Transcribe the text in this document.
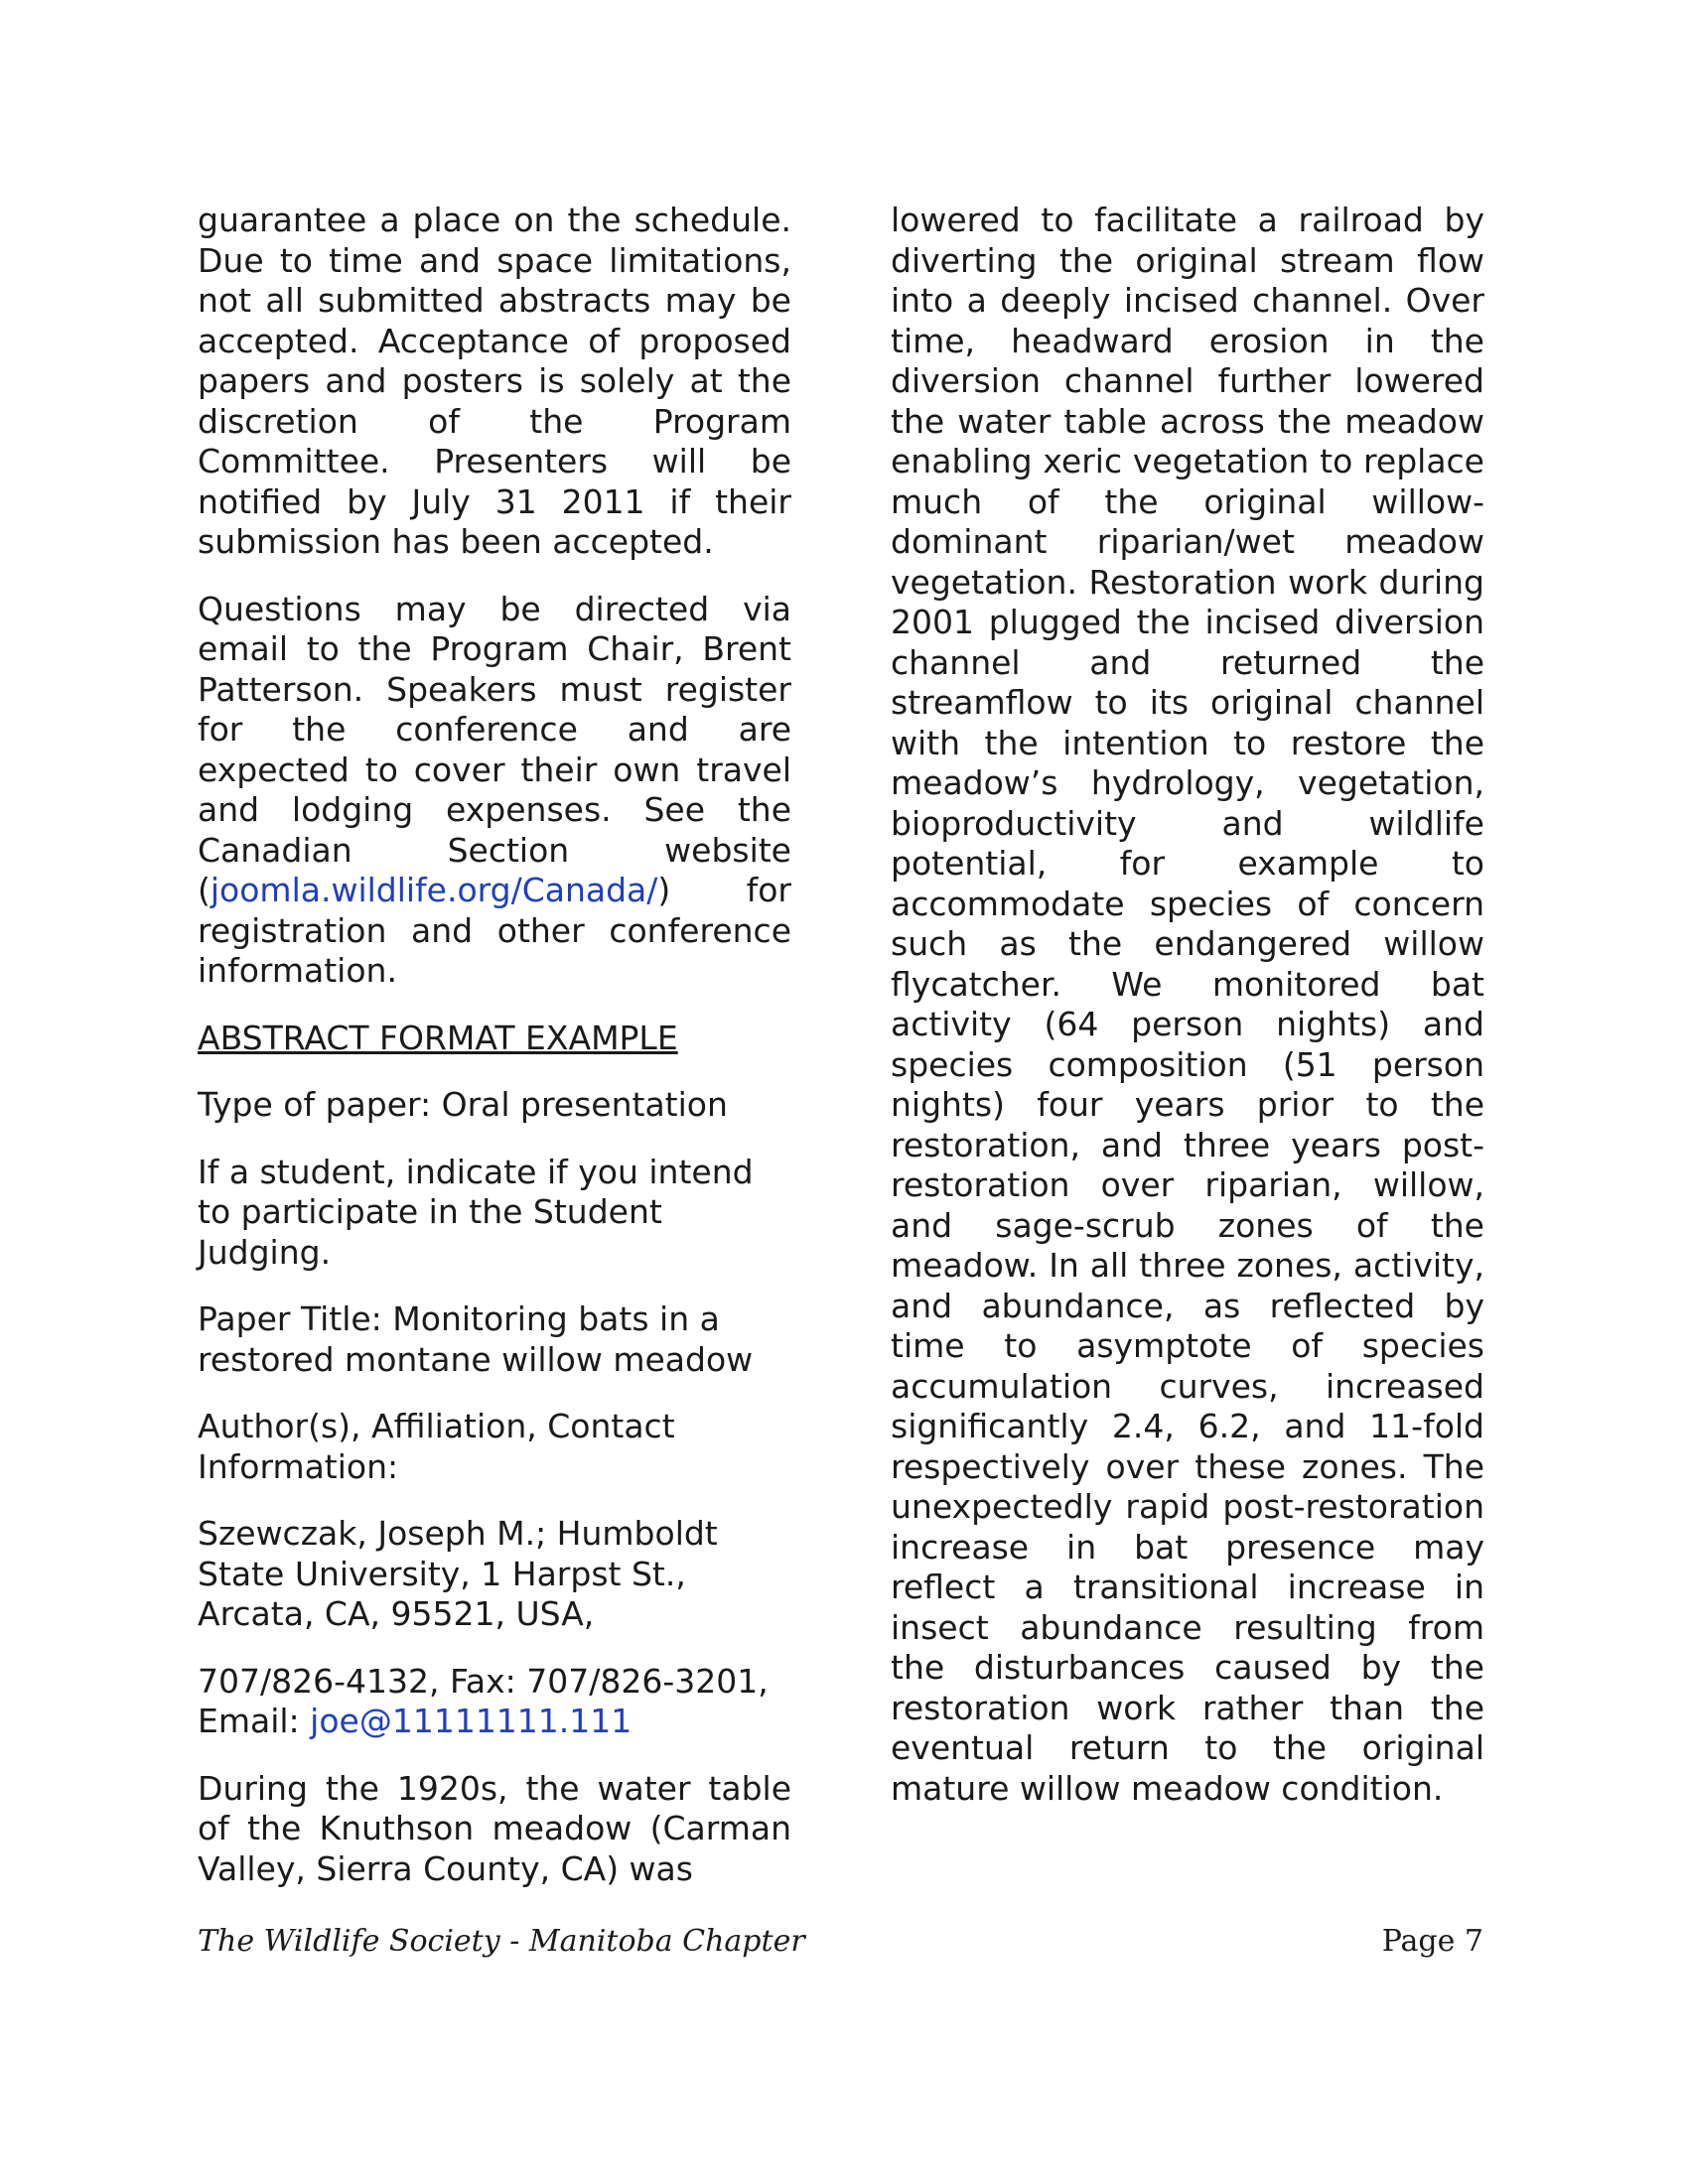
guarantee a place on the schedule. Due to time and space limitations, not all submitted abstracts may be accepted. Acceptance of proposed papers and posters is solely at the discretion of the Program Committee. Presenters will be notified by July 31 2011 if their submission has been accepted.

Questions may be directed via email to the Program Chair, Brent Patterson. Speakers must register for the conference and are expected to cover their own travel and lodging expenses. See the Canadian Section website (joomla.wildlife.org/Canada/) for registration and other conference information.

ABSTRACT FORMAT EXAMPLE

Type of paper: Oral presentation

If a student, indicate if you intend to participate in the Student Judging.

Paper Title: Monitoring bats in a restored montane willow meadow

Author(s), Affiliation, Contact Information:

Szewczak, Joseph M.; Humboldt State University, 1 Harpst St., Arcata, CA, 95521, USA,

707/826-4132, Fax: 707/826-3201, Email: joe@11111111.111

During the 1920s, the water table of the Knuthson meadow (Carman Valley, Sierra County, CA) was

lowered to facilitate a railroad by diverting the original stream flow into a deeply incised channel. Over time, headward erosion in the diversion channel further lowered the water table across the meadow enabling xeric vegetation to replace much of the original willow-dominant riparian/wet meadow vegetation. Restoration work during 2001 plugged the incised diversion channel and returned the streamflow to its original channel with the intention to restore the meadow’s hydrology, vegetation, bioproductivity and wildlife potential, for example to accommodate species of concern such as the endangered willow flycatcher. We monitored bat activity (64 person nights) and species composition (51 person nights) four years prior to the restoration, and three years post-restoration over riparian, willow, and sage-scrub zones of the meadow. In all three zones, activity, and abundance, as reflected by time to asymptote of species accumulation curves, increased significantly 2.4, 6.2, and 11-fold respectively over these zones. The unexpectedly rapid post-restoration increase in bat presence may reflect a transitional increase in insect abundance resulting from the disturbances caused by the restoration work rather than the eventual return to the original mature willow meadow condition.

The Wildlife Society - Manitoba Chapter	Page 7
